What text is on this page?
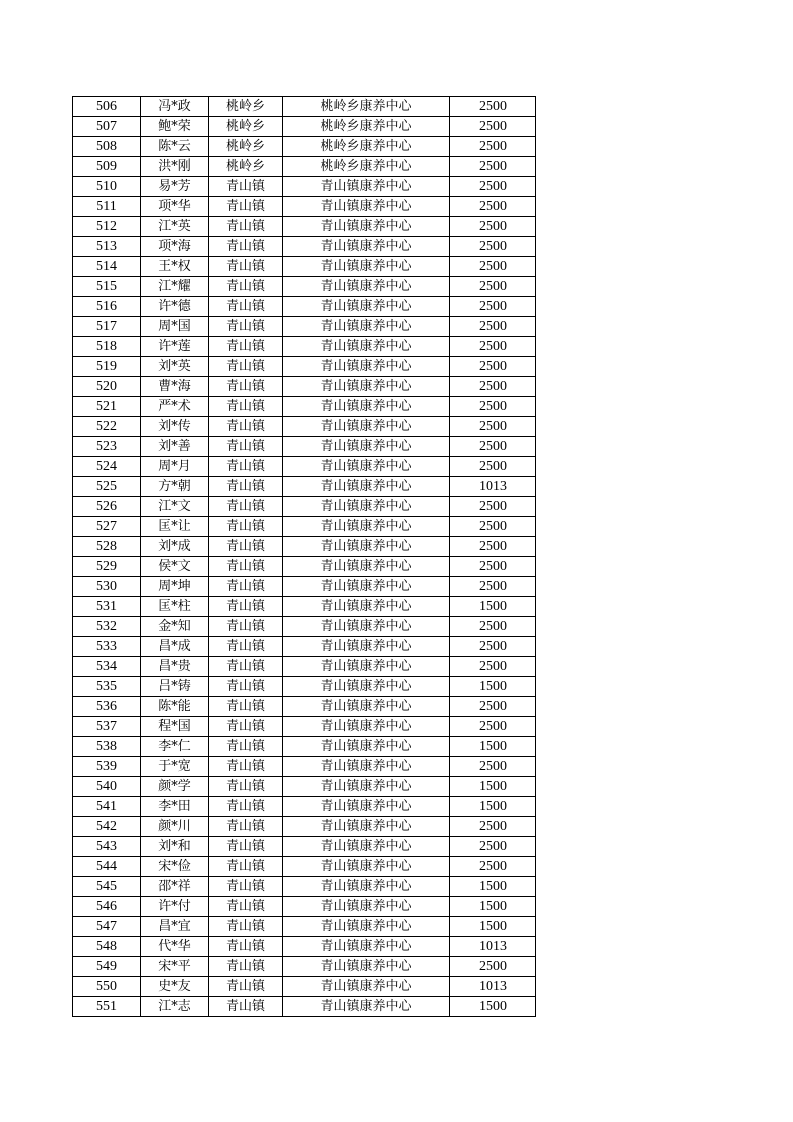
506	冯*政	桃岭乡	桃岭乡康养中心	2500
507	鲍*荣	桃岭乡	桃岭乡康养中心	2500
508	陈*云	桃岭乡	桃岭乡康养中心	2500
509	洪*刚	桃岭乡	桃岭乡康养中心	2500
510	易*芳	青山镇	青山镇康养中心	2500
511	项*华	青山镇	青山镇康养中心	2500
512	江*英	青山镇	青山镇康养中心	2500
513	项*海	青山镇	青山镇康养中心	2500
514	王*权	青山镇	青山镇康养中心	2500
515	江*耀	青山镇	青山镇康养中心	2500
516	许*德	青山镇	青山镇康养中心	2500
517	周*国	青山镇	青山镇康养中心	2500
518	许*莲	青山镇	青山镇康养中心	2500
519	刘*英	青山镇	青山镇康养中心	2500
520	曹*海	青山镇	青山镇康养中心	2500
521	严*术	青山镇	青山镇康养中心	2500
522	刘*传	青山镇	青山镇康养中心	2500
523	刘*善	青山镇	青山镇康养中心	2500
524	周*月	青山镇	青山镇康养中心	2500
525	方*朝	青山镇	青山镇康养中心	1013
526	江*文	青山镇	青山镇康养中心	2500
527	匡*让	青山镇	青山镇康养中心	2500
528	刘*成	青山镇	青山镇康养中心	2500
529	侯*文	青山镇	青山镇康养中心	2500
530	周*坤	青山镇	青山镇康养中心	2500
531	匡*柱	青山镇	青山镇康养中心	1500
532	金*知	青山镇	青山镇康养中心	2500
533	昌*成	青山镇	青山镇康养中心	2500
534	昌*贵	青山镇	青山镇康养中心	2500
535	吕*铸	青山镇	青山镇康养中心	1500
536	陈*能	青山镇	青山镇康养中心	2500
537	程*国	青山镇	青山镇康养中心	2500
538	李*仁	青山镇	青山镇康养中心	1500
539	于*宽	青山镇	青山镇康养中心	2500
540	颜*学	青山镇	青山镇康养中心	1500
541	李*田	青山镇	青山镇康养中心	1500
542	颜*川	青山镇	青山镇康养中心	2500
543	刘*和	青山镇	青山镇康养中心	2500
544	宋*俭	青山镇	青山镇康养中心	2500
545	邵*祥	青山镇	青山镇康养中心	1500
546	许*付	青山镇	青山镇康养中心	1500
547	昌*宜	青山镇	青山镇康养中心	1500
548	代*华	青山镇	青山镇康养中心	1013
549	宋*平	青山镇	青山镇康养中心	2500
550	史*友	青山镇	青山镇康养中心	1013
551	江*志	青山镇	青山镇康养中心	1500
